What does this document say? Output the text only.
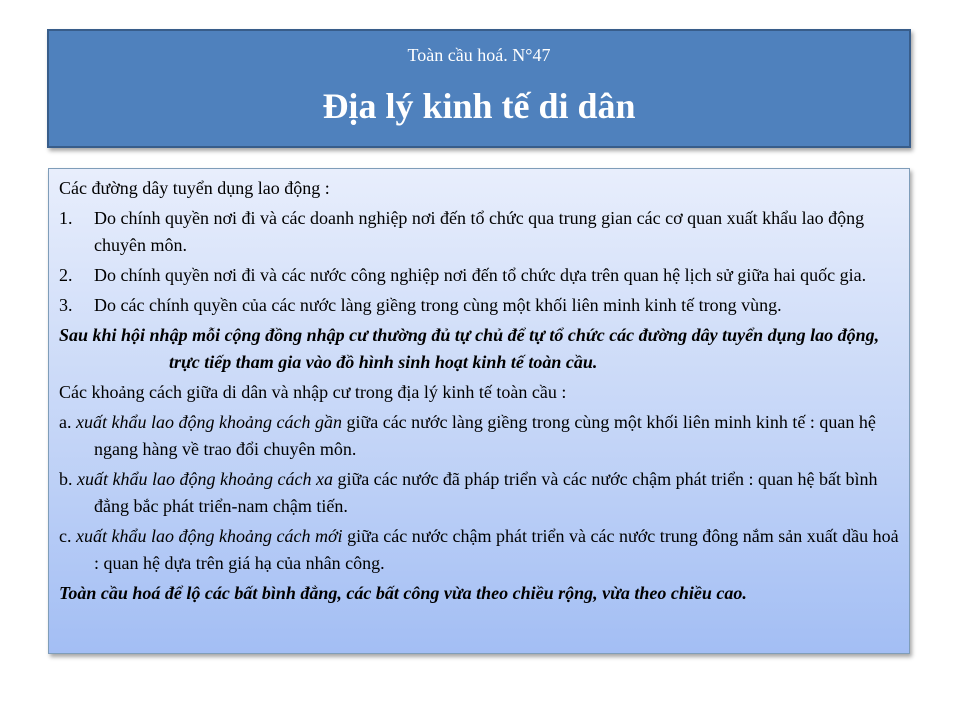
Toàn cầu hoá. N°47
Địa lý kinh tế di dân
Các đường dây tuyển dụng lao động :
1. Do chính quyền nơi đi và các doanh nghiệp nơi đến tổ chức qua trung gian các cơ quan xuất khẩu lao động chuyên môn.
2. Do chính quyền nơi đi và các nước công nghiệp nơi đến tổ chức dựa trên quan hệ lịch sử giữa hai quốc gia.
3. Do các chính quyền của các nước làng giềng trong cùng một khối liên minh kinh tế trong vùng.
Sau khi hội nhập mỗi cộng đồng nhập cư thường đủ tự chủ để tự tổ chức các đường dây tuyển dụng lao động, trực tiếp tham gia vào đồ hình sinh hoạt kinh tế toàn cầu.
Các khoảng cách giữa di dân và nhập cư trong địa lý kinh tế toàn cầu :
a. xuất khẩu lao động khoảng cách gần giữa các nước làng giềng trong cùng một khối liên minh kinh tế : quan hệ ngang hàng về trao đổi chuyên môn.
b. xuất khẩu lao động khoảng cách xa giữa các nước đã pháp triển và các nước chậm phát triển : quan hệ bất bình đẳng bắc phát triển-nam chậm tiến.
c. xuất khẩu lao động khoảng cách mới giữa các nước chậm phát triển và các nước trung đông nắm sản xuất dầu hoả : quan hệ dựa trên giá hạ của nhân công.
Toàn cầu hoá để lộ các bất bình đẳng, các bất công vừa theo chiều rộng, vừa theo chiều cao.
